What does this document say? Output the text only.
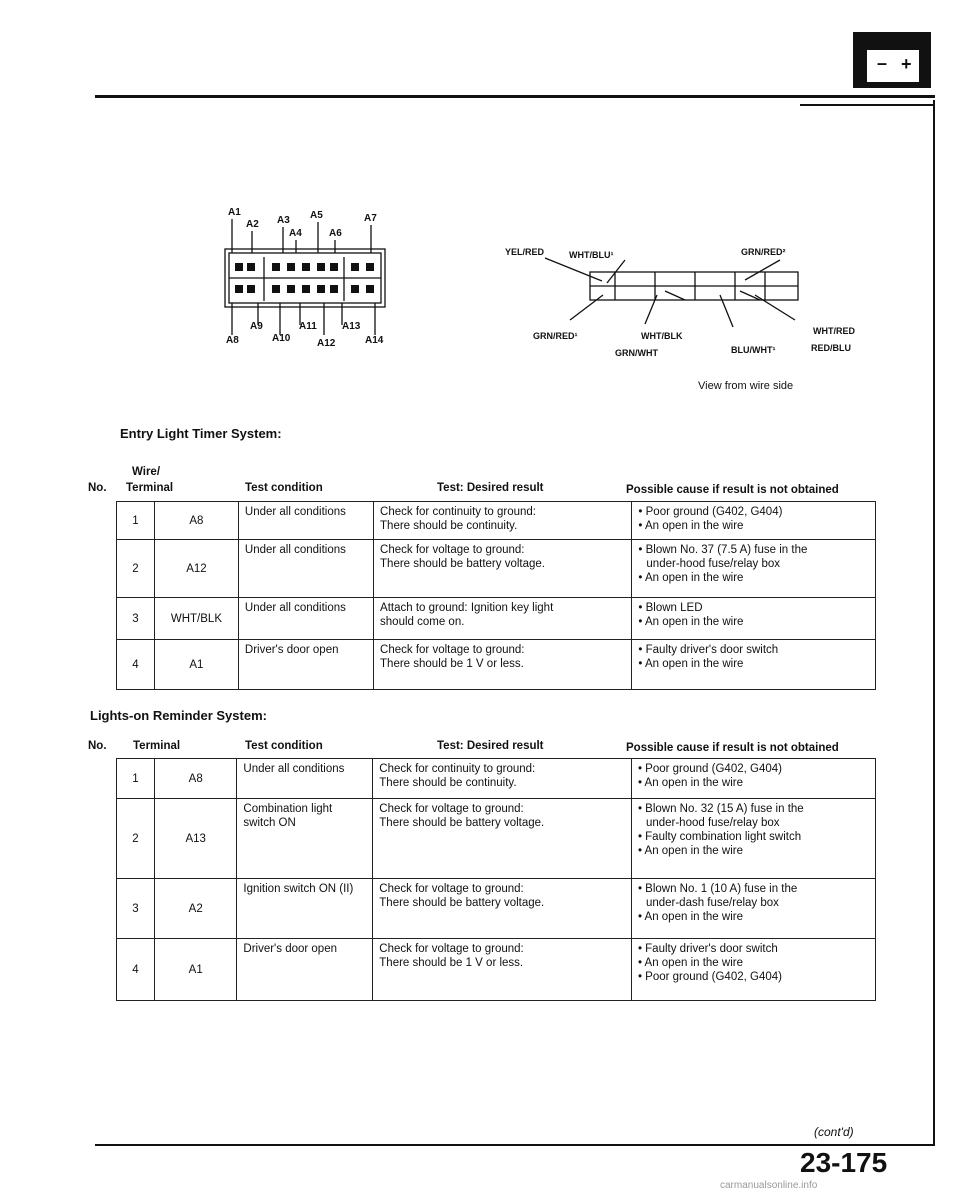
– +
A1
A2 A3
A4
A5
A6
A7
A9	A11	A13
A8	A10	A12	A14
YEL/RED	WHT/BLU¹	GRN/RED²
GRN/RED¹	WHT/BLK	WHT/RED
GRN/WHT	BLU/WHT¹	RED/BLU
View from wire side
Entry Light Timer System:
No.
Wire/
Terminal	Test condition	Test: Desired result	Possible cause if result is not obtained
1	A8	Under all conditions	Check for continuity to ground:
There should be continuity.	• Poor ground (G402, G404)
• An open in the wire

2	A12	Under all conditions	Check for voltage to ground:
There should be battery voltage.	• Blown No. 37 (7.5 A) fuse in the
under-hood fuse/relay box
• An open in the wire

3	WHT/BLK	Under all conditions	Attach to ground: Ignition key light
should come on.	• Blown LED
• An open in the wire

4	A1	Driver's door open	Check for voltage to ground:
There should be 1 V or less.	• Faulty driver's door switch
• An open in the wire
Lights-on Reminder System:
No. Terminal	Test condition	Test: Desired result	Possible cause if result is not obtained
1	A8	Under all conditions	Check for continuity to ground:
There should be continuity.	• Poor ground (G402, G404)
• An open in the wire

2	A13	Combination light switch ON	Check for voltage to ground:
There should be battery voltage.	• Blown No. 32 (15 A) fuse in the
under-hood fuse/relay box
• Faulty combination light switch
• An open in the wire

3	A2	Ignition switch ON (II)	Check for voltage to ground:
There should be battery voltage.	• Blown No. 1 (10 A) fuse in the
under-dash fuse/relay box
• An open in the wire

4	A1	Driver's door open	Check for voltage to ground:
There should be 1 V or less.	• Faulty driver's door switch
• An open in the wire
• Poor ground (G402, G404)
(cont'd)
23-175
carmanualsonline.info
